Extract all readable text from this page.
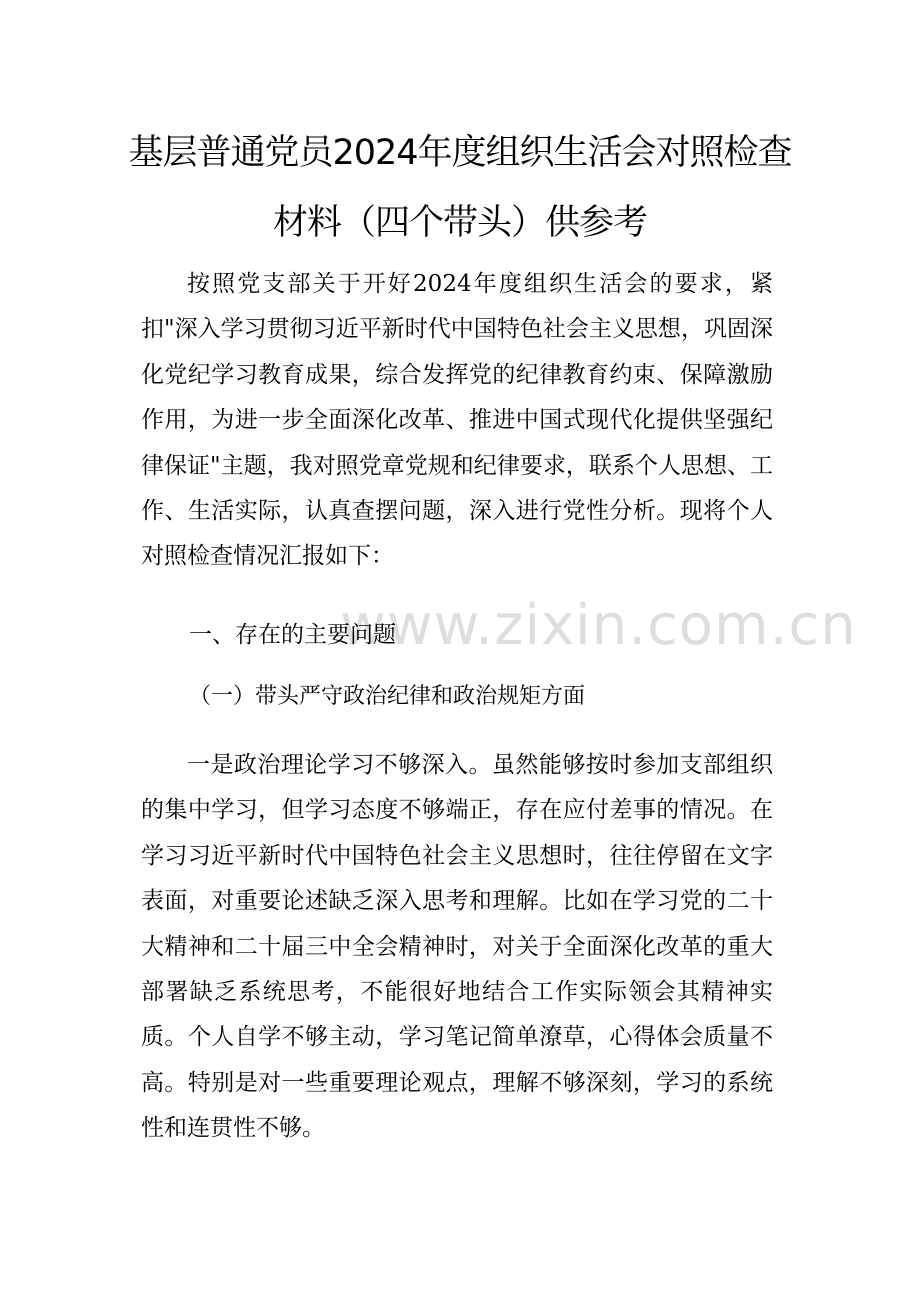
基层普通党员2024年度组织生活会对照检查
材料（四个带头）供参考

按照党支部关于开好2024年度组织生活会的要求，紧扣"深入学习贯彻习近平新时代中国特色社会主义思想，巩固深化党纪学习教育成果，综合发挥党的纪律教育约束、保障激励作用，为进一步全面深化改革、推进中国式现代化提供坚强纪律保证"主题，我对照党章党规和纪律要求，联系个人思想、工作、生活实际，认真查摆问题，深入进行党性分析。现将个人对照检查情况汇报如下：

www.zixin.com.cn
一、存在的主要问题
（一）带头严守政治纪律和政治规矩方面

一是政治理论学习不够深入。虽然能够按时参加支部组织的集中学习，但学习态度不够端正，存在应付差事的情况。在学习习近平新时代中国特色社会主义思想时，往往停留在文字表面，对重要论述缺乏深入思考和理解。比如在学习党的二十大精神和二十届三中全会精神时，对关于全面深化改革的重大部署缺乏系统思考，不能很好地结合工作实际领会其精神实质。个人自学不够主动，学习笔记简单潦草，心得体会质量不高。特别是对一些重要理论观点，理解不够深刻，学习的系统性和连贯性不够。
